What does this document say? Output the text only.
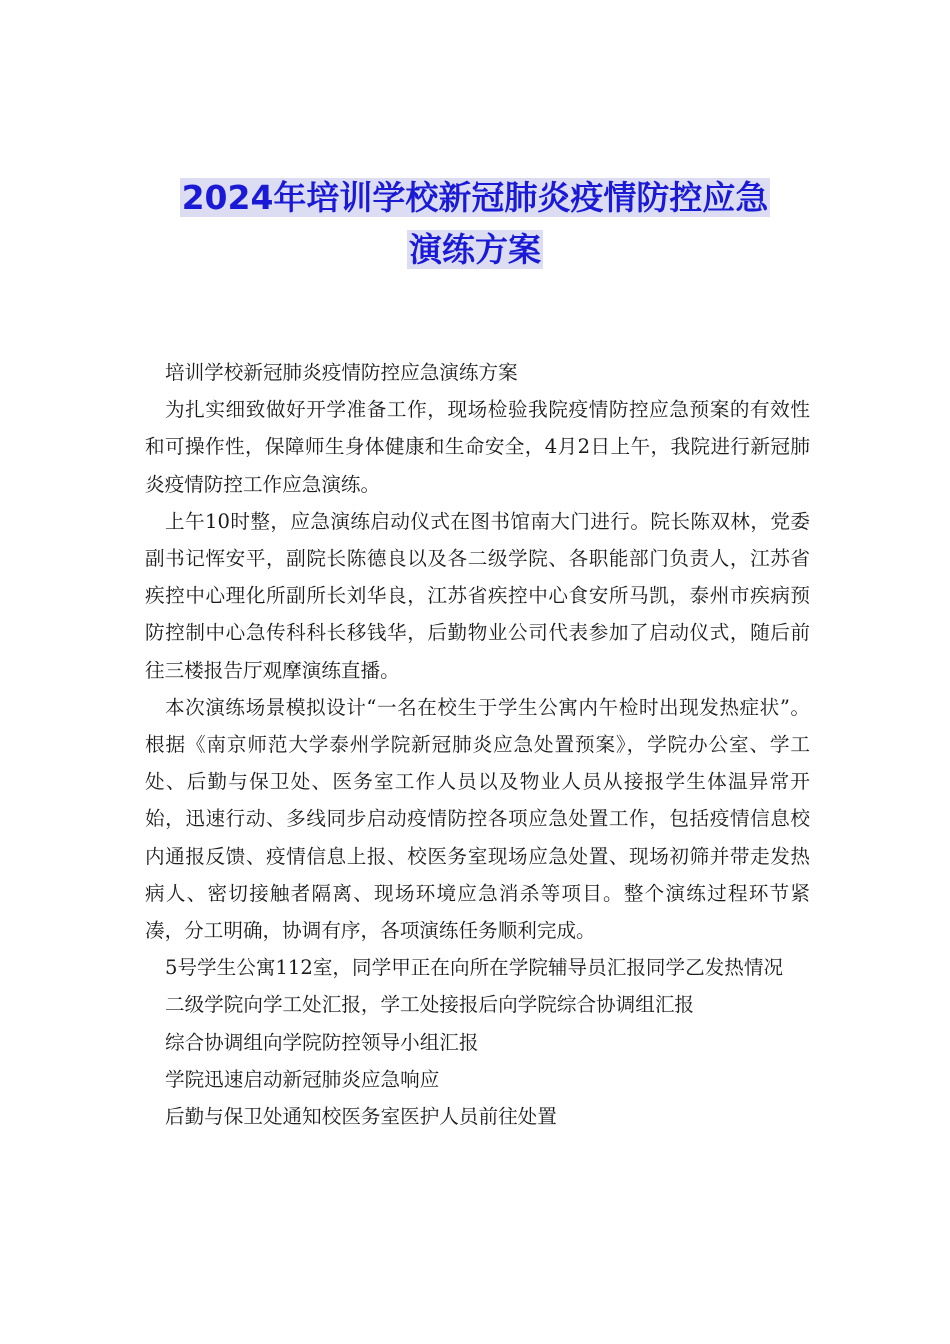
2024年培训学校新冠肺炎疫情防控应急
演练方案

培训学校新冠肺炎疫情防控应急演练方案

为扎实细致做好开学准备工作，现场检验我院疫情防控应急预案的有效性和可操作性，保障师生身体健康和生命安全，4月2日上午，我院进行新冠肺炎疫情防控工作应急演练。

上午10时整，应急演练启动仪式在图书馆南大门进行。院长陈双林，党委副书记恽安平，副院长陈德良以及各二级学院、各职能部门负责人，江苏省疾控中心理化所副所长刘华良，江苏省疾控中心食安所马凯，泰州市疾病预防控制中心急传科科长移钱华，后勤物业公司代表参加了启动仪式，随后前往三楼报告厅观摩演练直播。

本次演练场景模拟设计“一名在校生于学生公寓内午检时出现发热症状”。根据《南京师范大学泰州学院新冠肺炎应急处置预案》，学院办公室、学工处、后勤与保卫处、医务室工作人员以及物业人员从接报学生体温异常开始，迅速行动、多线同步启动疫情防控各项应急处置工作，包括疫情信息校内通报反馈、疫情信息上报、校医务室现场应急处置、现场初筛并带走发热病人、密切接触者隔离、现场环境应急消杀等项目。整个演练过程环节紧凑，分工明确，协调有序，各项演练任务顺利完成。

5号学生公寓112室，同学甲正在向所在学院辅导员汇报同学乙发热情况

二级学院向学工处汇报，学工处接报后向学院综合协调组汇报

综合协调组向学院防控领导小组汇报

学院迅速启动新冠肺炎应急响应

后勤与保卫处通知校医务室医护人员前往处置
